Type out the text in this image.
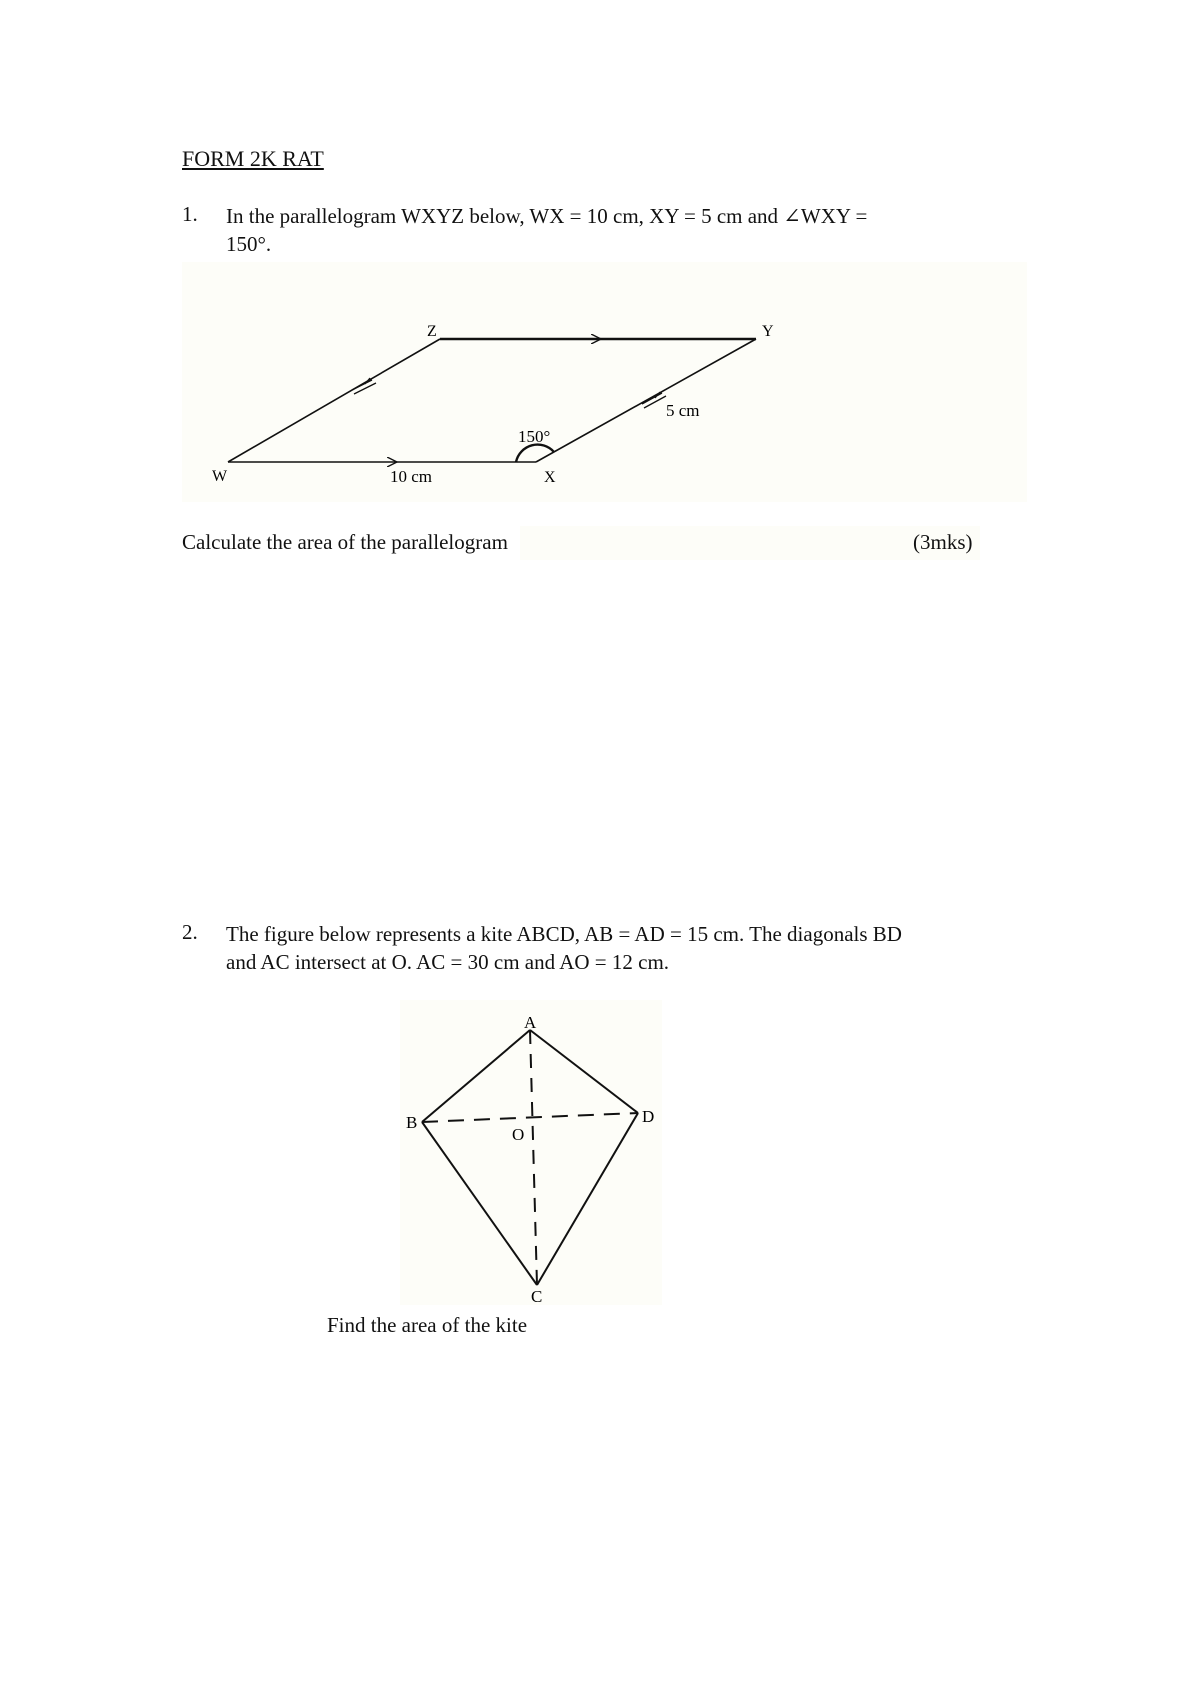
FORM 2K RAT
1. In the parallelogram WXYZ below, WX = 10 cm, XY = 5 cm and ∠WXY =
150°.
W	X
Y
Z
10 cm
5 cm
150°
Calculate the area of the parallelogram	(3mks)
2. The figure below represents a kite ABCD, AB = AD = 15 cm. The diagonals BD
and AC intersect at O. AC = 30 cm and AO = 12 cm.
A
B
C
D
O
Find the area of the kite
